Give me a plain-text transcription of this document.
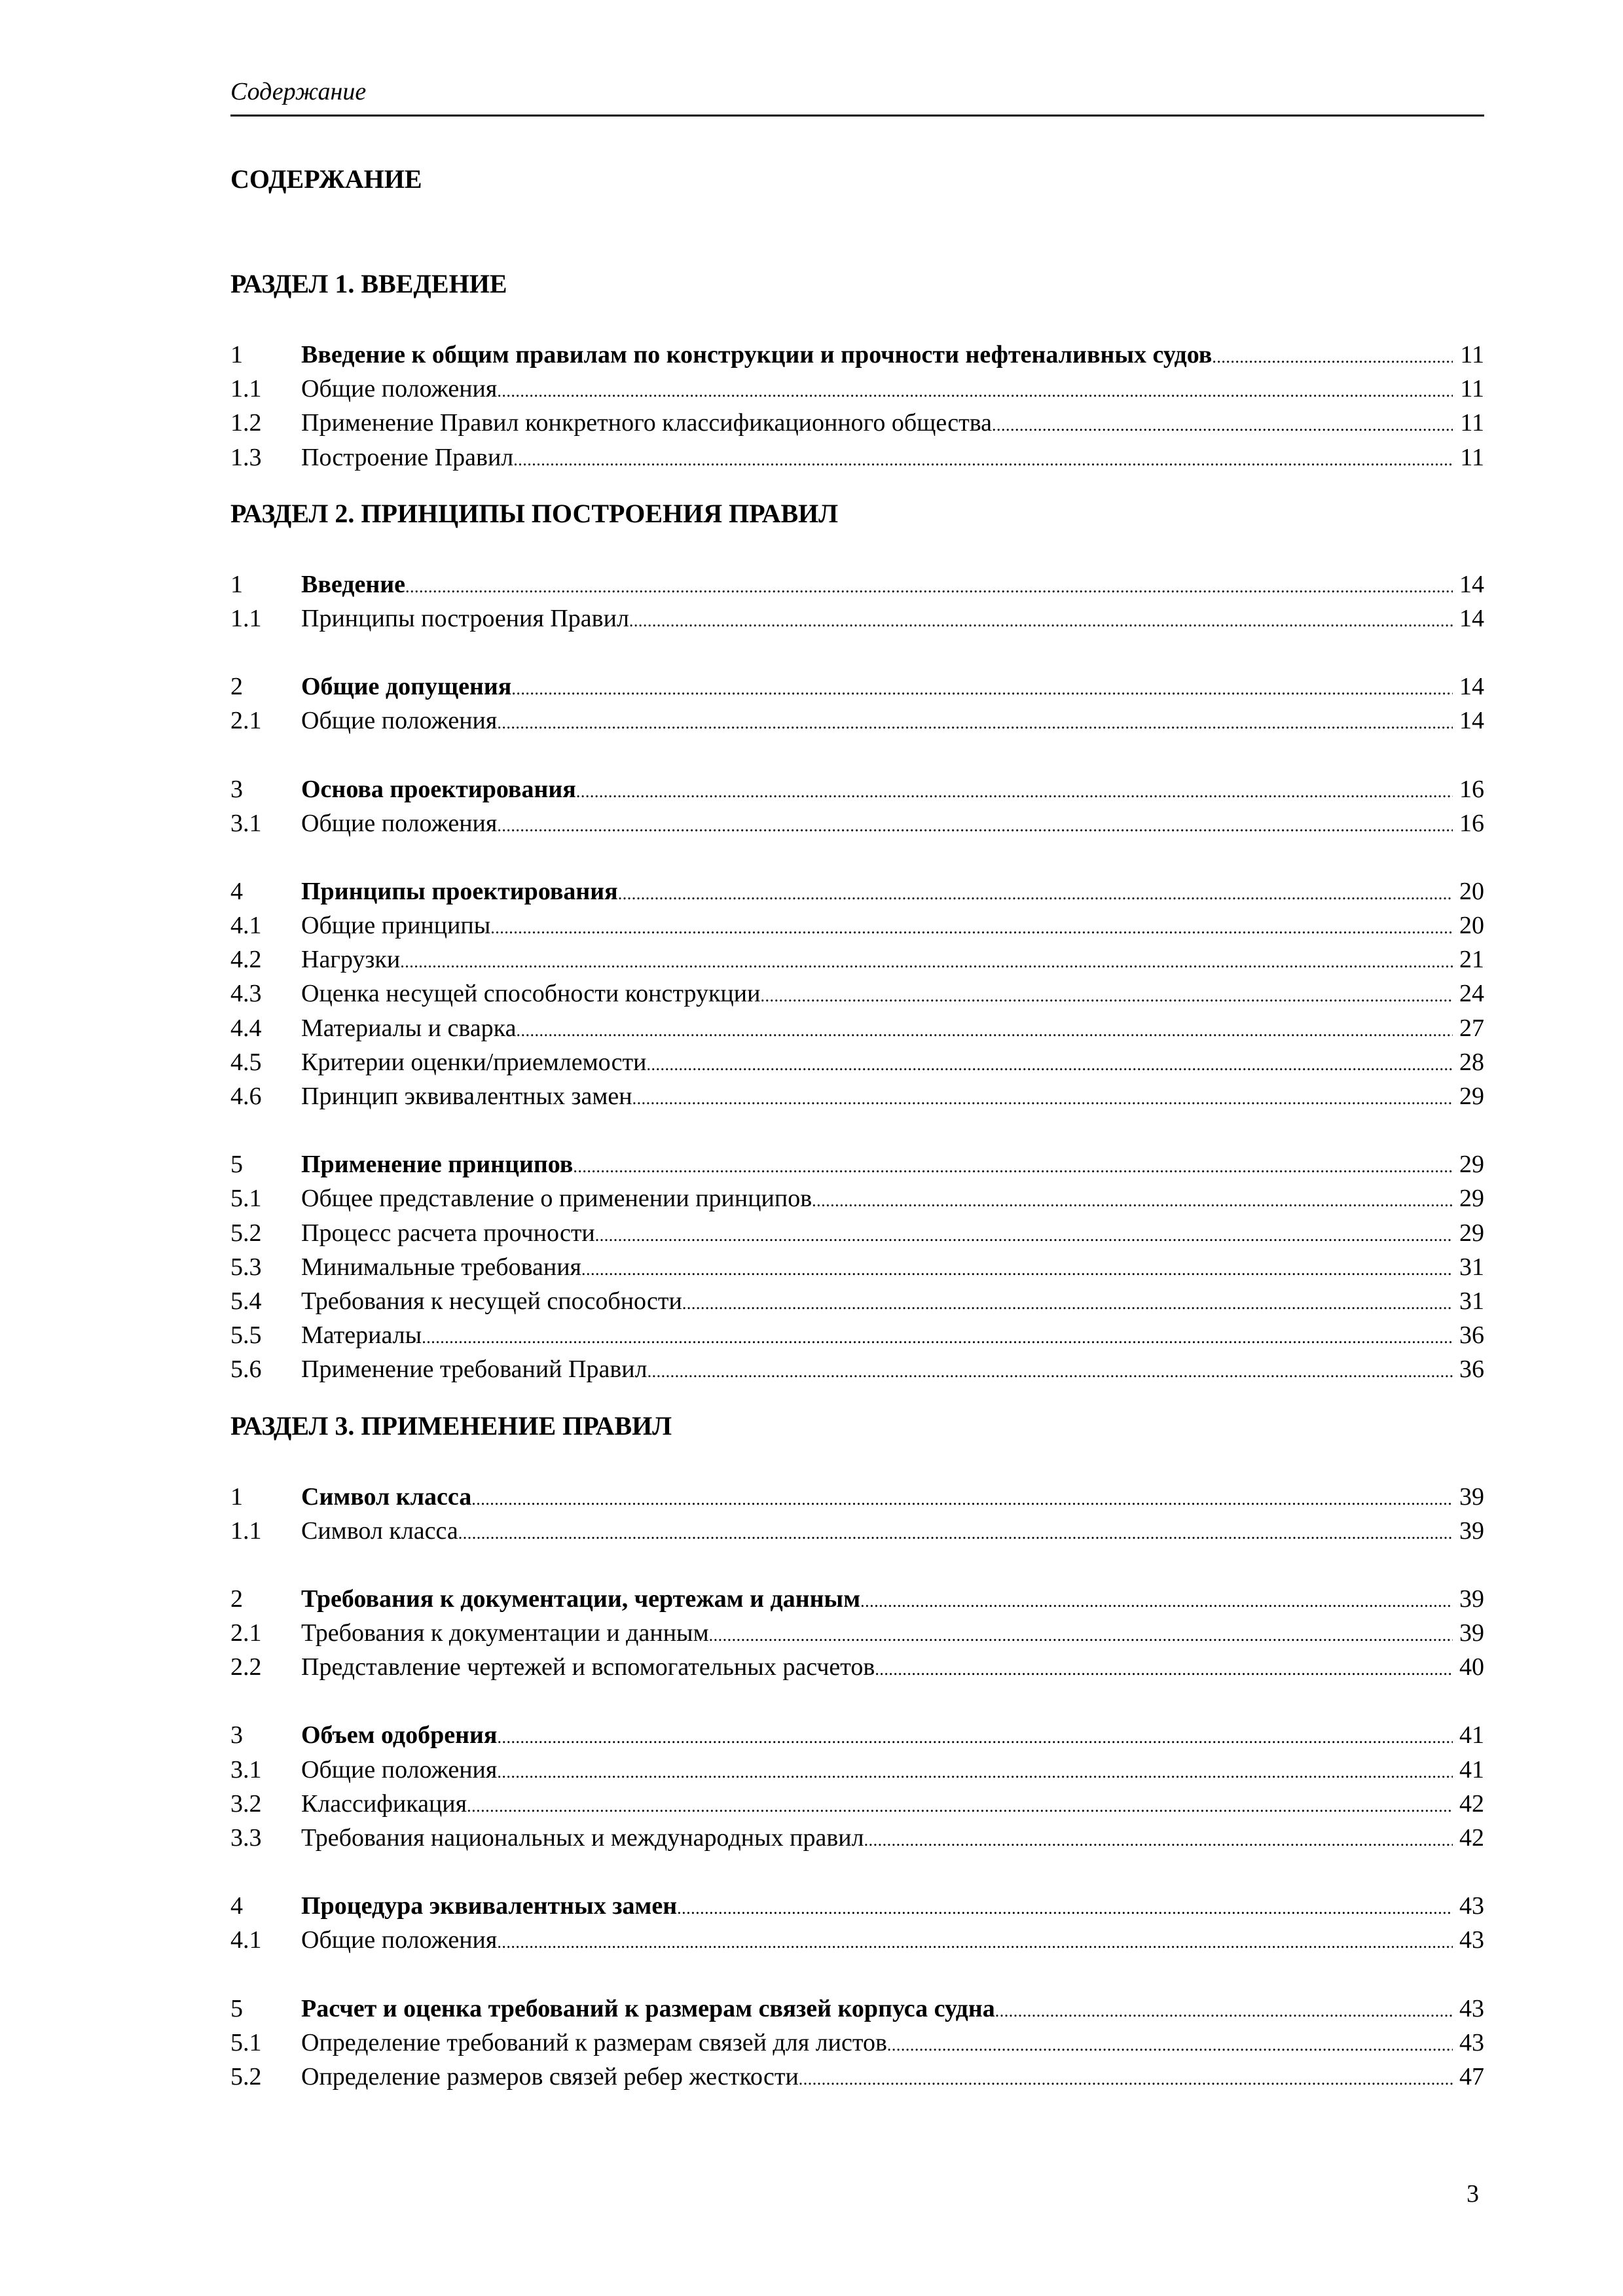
Содержание
СОДЕРЖАНИЕ
РАЗДЕЛ 1. ВВЕДЕНИЕ
1	Введение к общим правилам по конструкции и прочности нефтеналивных судов . . .	11
1.1	Общие положения . . .	11
1.2	Применение Правил конкретного классификационного общества . . .	11
1.3	Построение Правил . . .	11
РАЗДЕЛ 2. ПРИНЦИПЫ ПОСТРОЕНИЯ ПРАВИЛ
1	Введение . . .	14
1.1	Принципы построения Правил . . .	14
2	Общие допущения . . .	14
2.1	Общие положения . . .	14
3	Основа проектирования . . .	16
3.1	Общие положения . . .	16
4	Принципы проектирования . . .	20
4.1	Общие принципы . . .	20
4.2	Нагрузки . . .	21
4.3	Оценка несущей способности конструкции . . .	24
4.4	Материалы и сварка . . .	27
4.5	Критерии оценки/приемлемости . . .	28
4.6	Принцип эквивалентных замен . . .	29
5	Применение принципов . . .	29
5.1	Общее представление о применении принципов . . .	29
5.2	Процесс расчета прочности . . .	29
5.3	Минимальные требования . . .	31
5.4	Требования к несущей способности . . .	31
5.5	Материалы . . .	36
5.6	Применение требований Правил . . .	36
РАЗДЕЛ 3. ПРИМЕНЕНИЕ ПРАВИЛ
1	Символ класса . . .	39
1.1	Символ класса . . .	39
2	Требования к документации, чертежам и данным . . .	39
2.1	Требования к документации и данным . . .	39
2.2	Представление чертежей и вспомогательных расчетов . . .	40
3	Объем одобрения . . .	41
3.1	Общие положения . . .	41
3.2	Классификация . . .	42
3.3	Требования национальных и международных правил . . .	42
4	Процедура эквивалентных замен . . .	43
4.1	Общие положения . . .	43
5	Расчет и оценка требований к размерам связей корпуса судна . . .	43
5.1	Определение требований к размерам связей для листов . . .	43
5.2	Определение размеров связей ребер жесткости . . .	47
3
